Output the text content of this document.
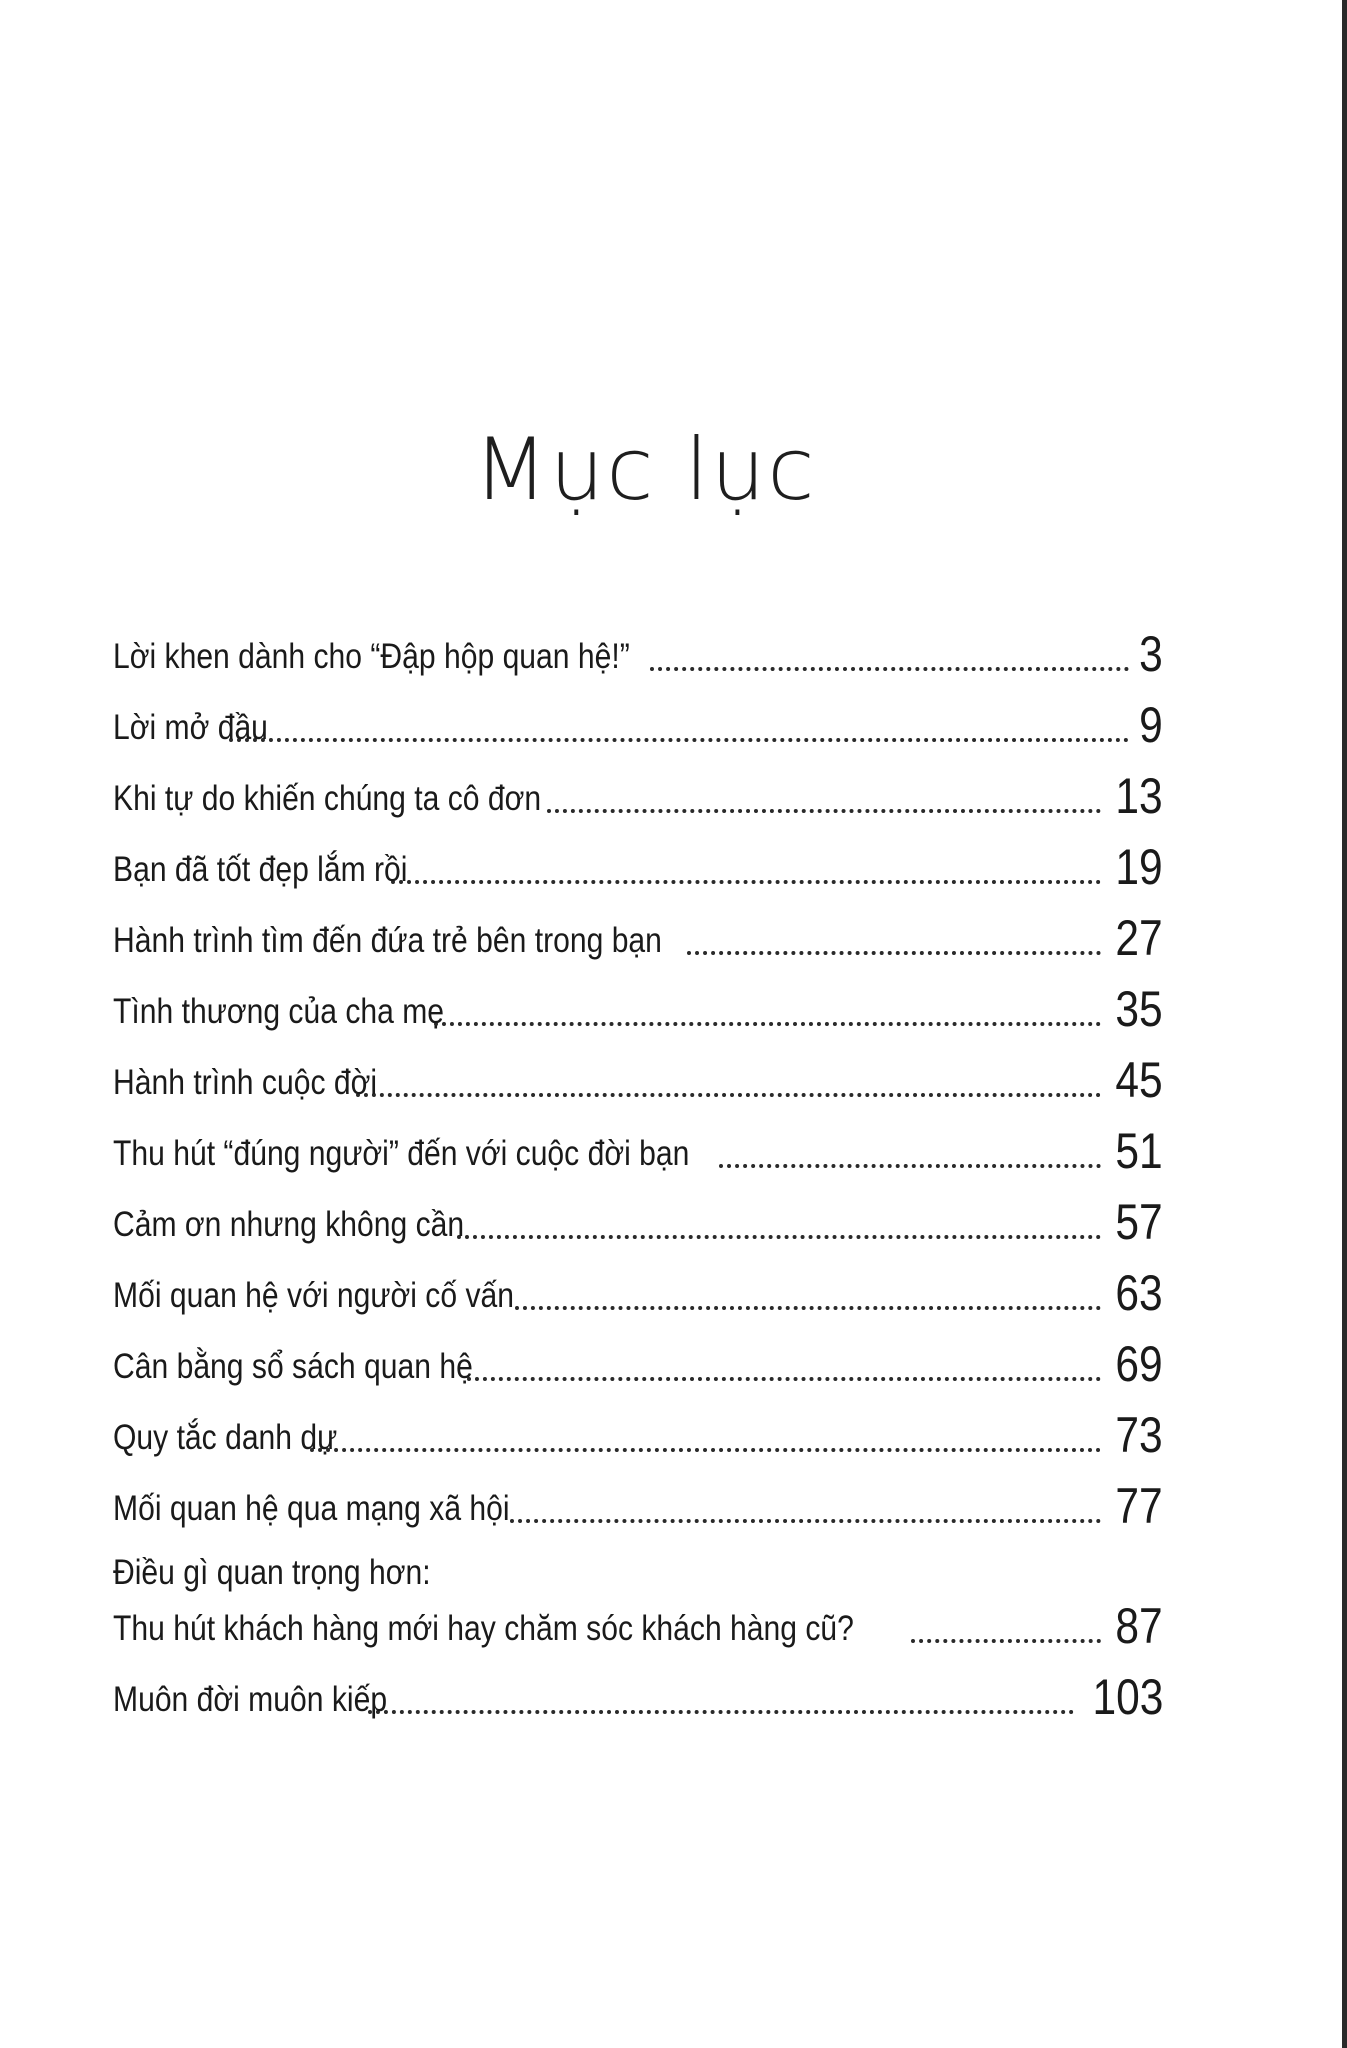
Mục lục
Lời khen dành cho “Đập hộp quan hệ!”	3
Lời mở đầu	9
Khi tự do khiến chúng ta cô đơn	13
Bạn đã tốt đẹp lắm rồi	19
Hành trình tìm đến đứa trẻ bên trong bạn	27
Tình thương của cha mẹ	35
Hành trình cuộc đời	45
Thu hút “đúng người” đến với cuộc đời bạn	51
Cảm ơn nhưng không cần	57
Mối quan hệ với người cố vấn	63
Cân bằng sổ sách quan hệ	69
Quy tắc danh dự	73
Mối quan hệ qua mạng xã hội	77
Điều gì quan trọng hơn:
Thu hút khách hàng mới hay chăm sóc khách hàng cũ?	87
Muôn đời muôn kiếp	103
